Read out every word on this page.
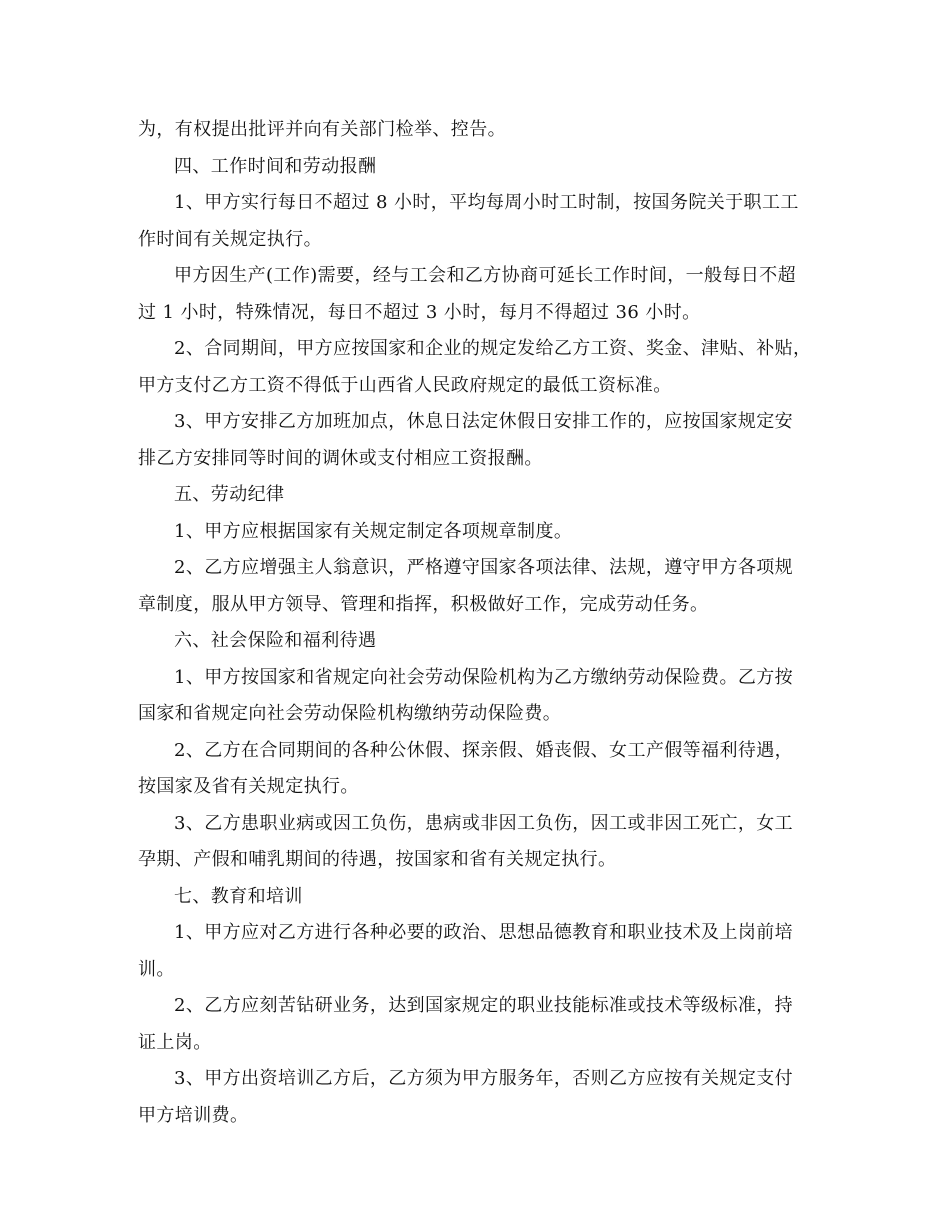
为，有权提出批评并向有关部门检举、控告。
四、工作时间和劳动报酬
1、甲方实行每日不超过 8 小时，平均每周小时工时制，按国务院关于职工工
作时间有关规定执行。
甲方因生产(工作)需要，经与工会和乙方协商可延长工作时间，一般每日不超
过 1 小时，特殊情况，每日不超过 3 小时，每月不得超过 36 小时。
2、合同期间，甲方应按国家和企业的规定发给乙方工资、奖金、津贴、补贴，
甲方支付乙方工资不得低于山西省人民政府规定的最低工资标准。
3、甲方安排乙方加班加点，休息日法定休假日安排工作的，应按国家规定安
排乙方安排同等时间的调休或支付相应工资报酬。
五、劳动纪律
1、甲方应根据国家有关规定制定各项规章制度。
2、乙方应增强主人翁意识，严格遵守国家各项法律、法规，遵守甲方各项规
章制度，服从甲方领导、管理和指挥，积极做好工作，完成劳动任务。
六、社会保险和福利待遇
1、甲方按国家和省规定向社会劳动保险机构为乙方缴纳劳动保险费。乙方按
国家和省规定向社会劳动保险机构缴纳劳动保险费。
2、乙方在合同期间的各种公休假、探亲假、婚丧假、女工产假等福利待遇，
按国家及省有关规定执行。
3、乙方患职业病或因工负伤，患病或非因工负伤，因工或非因工死亡，女工
孕期、产假和哺乳期间的待遇，按国家和省有关规定执行。
七、教育和培训
1、甲方应对乙方进行各种必要的政治、思想品德教育和职业技术及上岗前培
训。
2、乙方应刻苦钻研业务，达到国家规定的职业技能标准或技术等级标准，持
证上岗。
3、甲方出资培训乙方后，乙方须为甲方服务年，否则乙方应按有关规定支付
甲方培训费。
